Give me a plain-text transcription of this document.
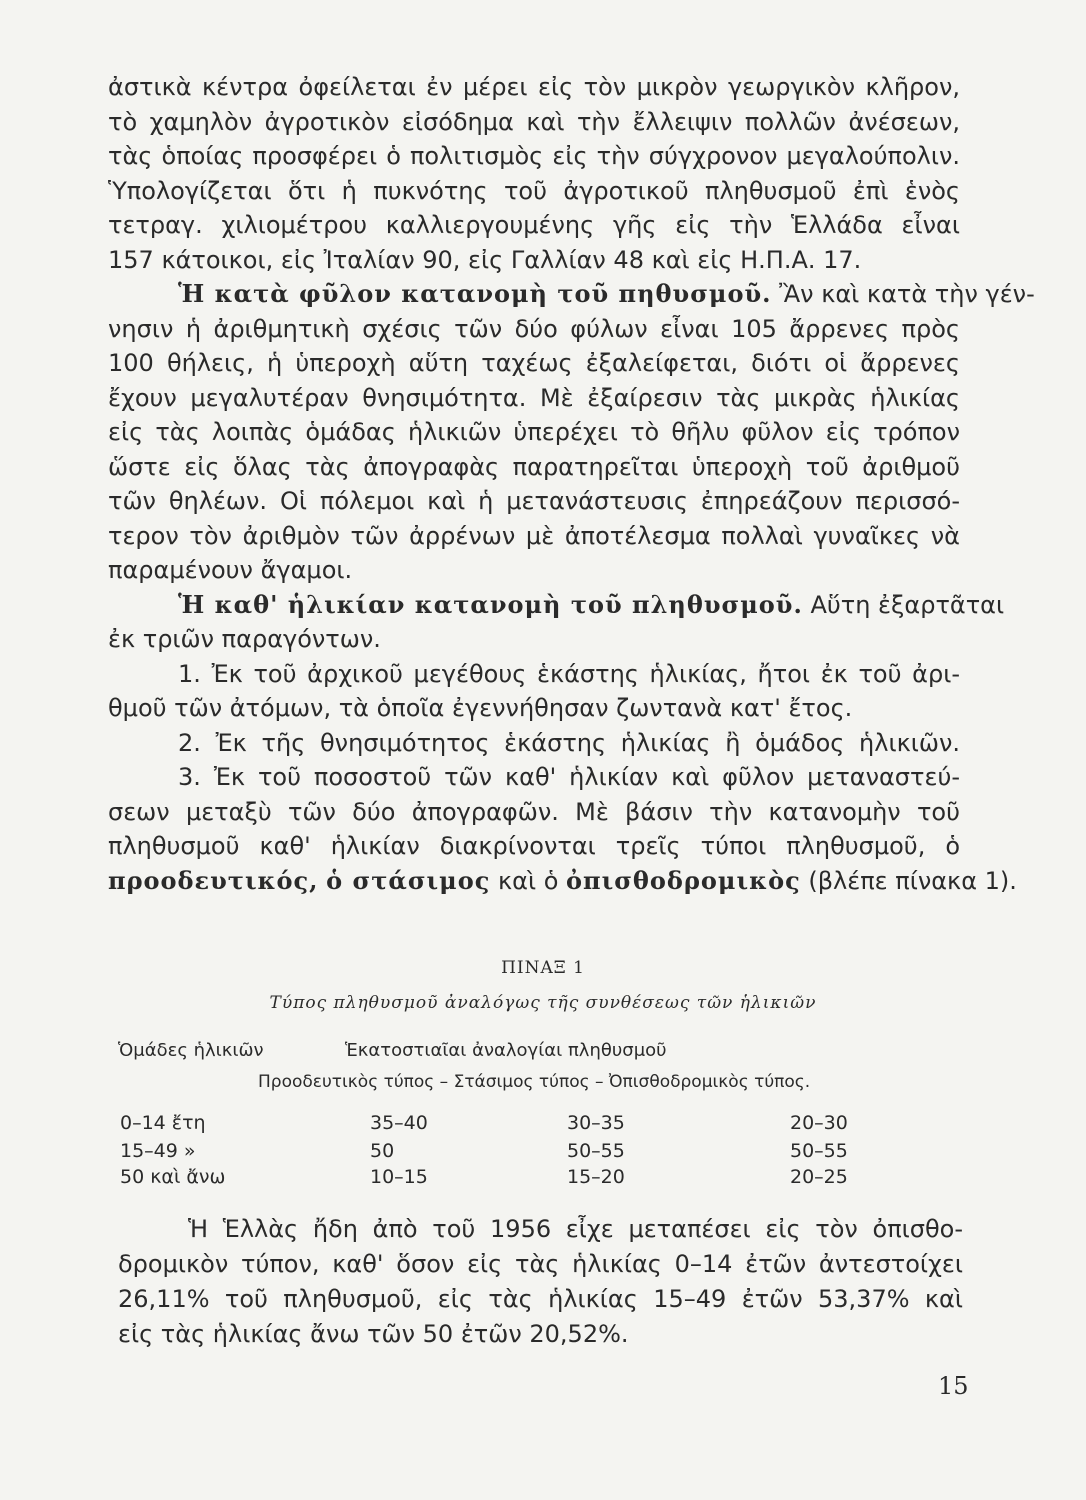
ἀστικὰ κέντρα ὀφείλεται ἐν μέρει εἰς τὸν μικρὸν γεωργικὸν κλῆρον,
τὸ χαμηλὸν ἀγροτικὸν εἰσόδημα καὶ τὴν ἔλλειψιν πολλῶν ἀνέσεων,
τὰς ὁποίας προσφέρει ὁ πολιτισμὸς εἰς τὴν σύγχρονον μεγαλούπολιν.
Ὑπολογίζεται ὅτι ἡ πυκνότης τοῦ ἀγροτικοῦ πληθυσμοῦ ἐπὶ ἑνὸς
τετραγ. χιλιομέτρου καλλιεργουμένης γῆς εἰς τὴν Ἑλλάδα εἶναι
157 κάτοικοι, εἰς Ἰταλίαν 90, εἰς Γαλλίαν 48 καὶ εἰς Η.Π.Α. 17.
Ἡ κατὰ φῦλον κατανομὴ τοῦ πηθυσμοῦ. Ἂν καὶ κατὰ τὴν γέν-
νησιν ἡ ἀριθμητικὴ σχέσις τῶν δύο φύλων εἶναι 105 ἄρρενες πρὸς
100 θήλεις, ἡ ὑπεροχὴ αὕτη ταχέως ἐξαλείφεται, διότι οἱ ἄρρενες
ἔχουν μεγαλυτέραν θνησιμότητα. Μὲ ἐξαίρεσιν τὰς μικρὰς ἡλικίας
εἰς τὰς λοιπὰς ὁμάδας ἡλικιῶν ὑπερέχει τὸ θῆλυ φῦλον εἰς τρόπον
ὥστε εἰς ὅλας τὰς ἀπογραφὰς παρατηρεῖται ὑπεροχὴ τοῦ ἀριθμοῦ
τῶν θηλέων. Οἱ πόλεμοι καὶ ἡ μετανάστευσις ἐπηρεάζουν περισσό-
τερον τὸν ἀριθμὸν τῶν ἀρρένων μὲ ἀποτέλεσμα πολλαὶ γυναῖκες νὰ
παραμένουν ἄγαμοι.
Ἡ καθ' ἡλικίαν κατανομὴ τοῦ πληθυσμοῦ. Αὕτη ἐξαρτᾶται
ἐκ τριῶν παραγόντων.
1. Ἐκ τοῦ ἀρχικοῦ μεγέθους ἑκάστης ἡλικίας, ἤτοι ἐκ τοῦ ἀρι-
θμοῦ τῶν ἀτόμων, τὰ ὁποῖα ἐγεννήθησαν ζωντανὰ κατ' ἔτος.
2. Ἐκ τῆς θνησιμότητος ἑκάστης ἡλικίας ἢ ὁμάδος ἡλικιῶν.
3. Ἐκ τοῦ ποσοστοῦ τῶν καθ' ἡλικίαν καὶ φῦλον μεταναστεύ-
σεων μεταξὺ τῶν δύο ἀπογραφῶν. Μὲ βάσιν τὴν κατανομὴν τοῦ
πληθυσμοῦ καθ' ἡλικίαν διακρίνονται τρεῖς τύποι πληθυσμοῦ, ὁ
προοδευτικός, ὁ στάσιμος καὶ ὁ ὀπισθοδρομικὸς (βλέπε πίνακα 1).
ΠΙΝΑΞ 1
Τύπος πληθυσμοῦ ἀναλόγως τῆς συνθέσεως τῶν ἡλικιῶν
Ὁμάδες ἡλικιῶν	Ἑκατοστιαῖαι ἀναλογίαι πληθυσμοῦ
Προοδευτικὸς τύπος – Στάσιμος τύπος – Ὀπισθοδρομικὸς τύπος.
0–14 ἔτη	35–40	30–35	20–30
15–49 »	50	50–55	50–55
50 καὶ ἄνω	10–15	15–20	20–25
Ἡ Ἑλλὰς ἤδη ἀπὸ τοῦ 1956 εἶχε μεταπέσει εἰς τὸν ὀπισθο-
δρομικὸν τύπον, καθ' ὅσον εἰς τὰς ἡλικίας 0–14 ἐτῶν ἀντεστοίχει
26,11% τοῦ πληθυσμοῦ, εἰς τὰς ἡλικίας 15–49 ἐτῶν 53,37% καὶ
εἰς τὰς ἡλικίας ἄνω τῶν 50 ἐτῶν 20,52%.
15
